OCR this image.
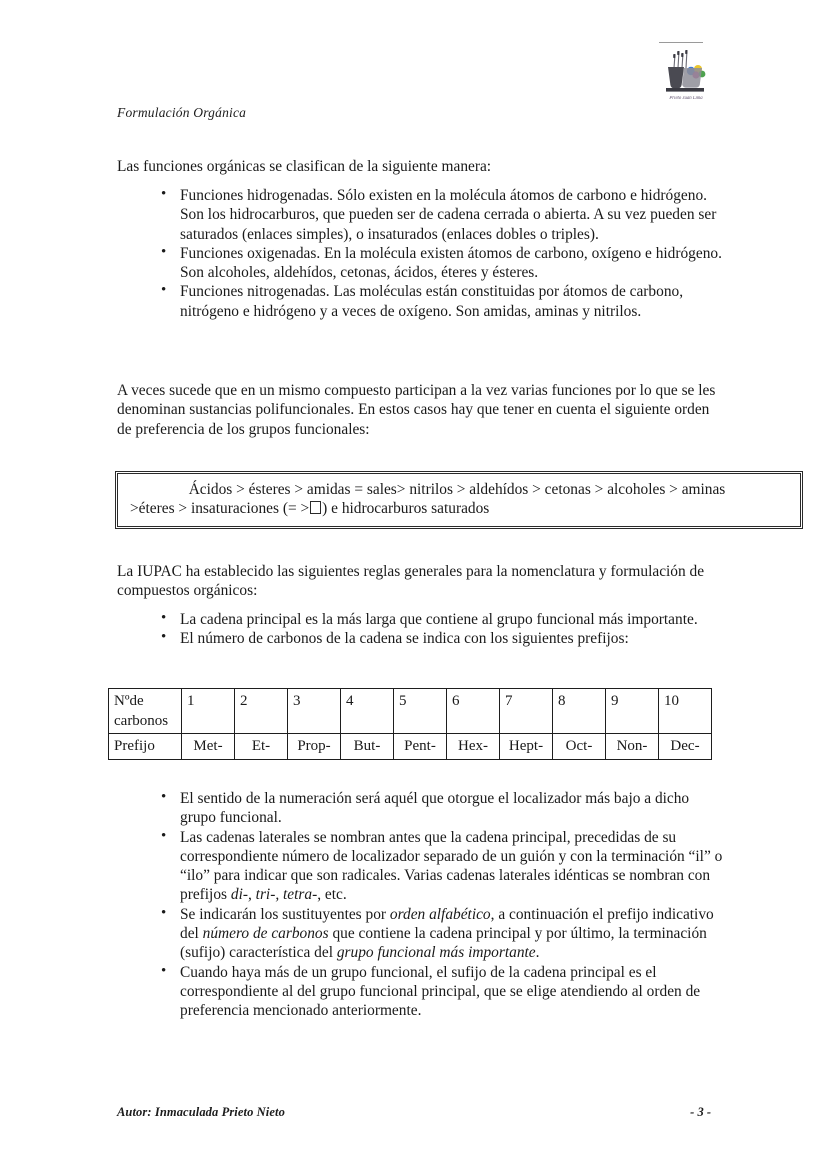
Prieto Juan Lima
Formulación Orgánica
Las funciones orgánicas se clasifican de la siguiente manera:
• Funciones hidrogenadas. Sólo existen en la molécula átomos de carbono e hidrógeno. Son los hidrocarburos, que pueden ser de cadena cerrada o abierta. A su vez pueden ser saturados (enlaces simples), o insaturados (enlaces dobles o triples).
• Funciones oxigenadas. En la molécula existen átomos de carbono, oxígeno e hidrógeno. Son alcoholes, aldehídos, cetonas, ácidos, éteres y ésteres.
• Funciones nitrogenadas. Las moléculas están constituidas por átomos de carbono, nitrógeno e hidrógeno y a veces de oxígeno. Son amidas, aminas y nitrilos.

A veces sucede que en un mismo compuesto participan a la vez varias funciones por lo que se les denominan sustancias polifuncionales. En estos casos hay que tener en cuenta el siguiente orden de preferencia de los grupos funcionales:

Ácidos > ésteres > amidas = sales> nitrilos > aldehídos > cetonas > alcoholes > aminas
>éteres > insaturaciones (= > ) e hidrocarburos saturados

La IUPAC ha establecido las siguientes reglas generales para la nomenclatura y formulación de compuestos orgánicos:

• La cadena principal es la más larga que contiene al grupo funcional más importante.
• El número de carbonos de la cadena se indica con los siguientes prefijos:
Nºde
carbonos	1	2	3	4	5	6	7	8	9	10
Prefijo	Met-	Et-	Prop-	But-	Pent-	Hex-	Hept-	Oct-	Non-	Dec-
• El sentido de la numeración será aquél que otorgue el localizador más bajo a dicho grupo funcional.
• Las cadenas laterales se nombran antes que la cadena principal, precedidas de su correspondiente número de localizador separado de un guión y con la terminación “il” o “ilo” para indicar que son radicales. Varias cadenas laterales idénticas se nombran con prefijos di-, tri-, tetra-, etc.
• Se indicarán los sustituyentes por orden alfabético, a continuación el prefijo indicativo del número de carbonos que contiene la cadena principal y por último, la terminación (sufijo) característica del grupo funcional más importante.
• Cuando haya más de un grupo funcional, el sufijo de la cadena principal es el correspondiente al del grupo funcional principal, que se elige atendiendo al orden de preferencia mencionado anteriormente.
Autor: Inmaculada Prieto Nieto	- 3 -
